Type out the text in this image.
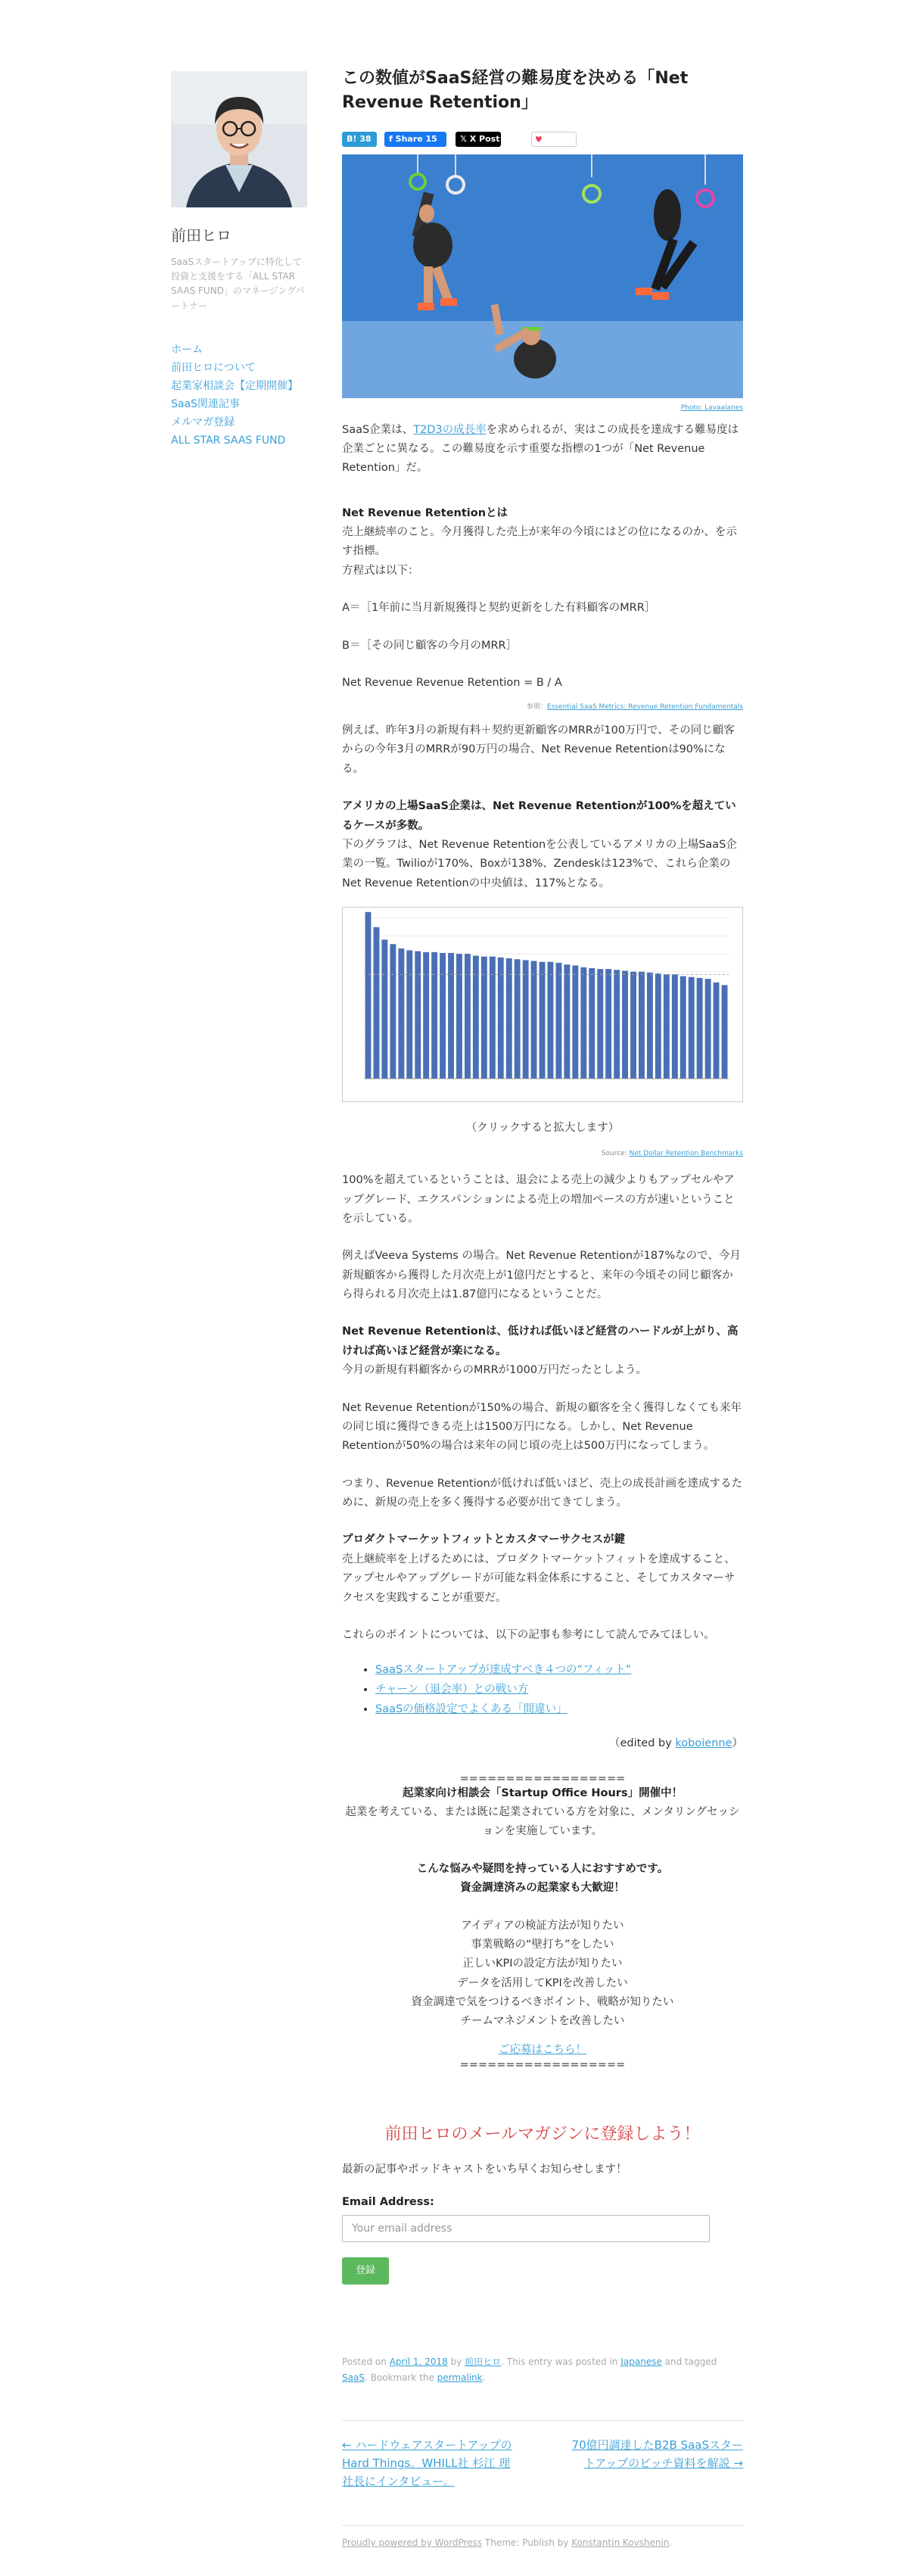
前田ヒロ
SaaSスタートアップに特化して投資と支援をする「ALL STAR SAAS FUND」のマネージングパートナー
ホーム
前田ヒロについて
起業家相談会【定期開催】
SaaS関連記事
メルマガ登録
ALL STAR SAAS FUND
この数値がSaaS経営の難易度を決める「Net Revenue Retention」
B! 38	f Share 15	𝕏 X Post	♥
Photo: Lavaalanes

SaaS企業は、T2D3の成長率を求められるが、実はこの成長を達成する難易度は企業ごとに異なる。この難易度を示す重要な指標の1つが「Net Revenue Retention」だ。

Net Revenue Retentionとは

売上継続率のこと。今月獲得した売上が来年の今頃にはどの位になるのか、を示す指標。

方程式は以下：

A＝［1年前に当月新規獲得と契約更新をした有料顧客のMRR］

B＝［その同じ顧客の今月のMRR］

Net Revenue Revenue Retention = B / A

参照：Essential SaaS Metrics: Revenue Retention Fundamentals

例えば、昨年3月の新規有料＋契約更新顧客のMRRが100万円で、その同じ顧客からの今年3月のMRRが90万円の場合、Net Revenue Retentionは90%になる。

アメリカの上場SaaS企業は、Net Revenue Retentionが100%を超えているケースが多数。

下のグラフは、Net Revenue Retentionを公表しているアメリカの上場SaaS企業の一覧。Twilioが170%、Boxが138%、Zendeskは123%で、これら企業のNet Revenue Retentionの中央値は、117%となる。

（クリックすると拡大します）

Source: Net Dollar Retention Benchmarks

100%を超えているということは、退会による売上の減少よりもアップセルやアップグレード、エクスパンションによる売上の増加ペースの方が速いということを示している。

例えばVeeva Systems の場合。Net Revenue Retentionが187%なので、今月新規顧客から獲得した月次売上が1億円だとすると、来年の今頃その同じ顧客から得られる月次売上は1.87億円になるということだ。

Net Revenue Retentionは、低ければ低いほど経営のハードルが上がり、高ければ高いほど経営が楽になる。

今月の新規有料顧客からのMRRが1000万円だったとしよう。

Net Revenue Retentionが150%の場合、新規の顧客を全く獲得しなくても来年の同じ頃に獲得できる売上は1500万円になる。しかし、Net Revenue Retentionが50%の場合は来年の同じ頃の売上は500万円になってしまう。

つまり、Revenue Retentionが低ければ低いほど、売上の成長計画を達成するために、新規の売上を多く獲得する必要が出てきてしまう。

プロダクトマーケットフィットとカスタマーサクセスが鍵

売上継続率を上げるためには、プロダクトマーケットフィットを達成すること、アップセルやアップグレードが可能な料金体系にすること、そしてカスタマーサクセスを実践することが重要だ。

これらのポイントについては、以下の記事も参考にして読んでみてほしい。

• SaaSスタートアップが達成すべき４つの“フィット”
• チャーン（退会率）との戦い方
• SaaSの価格設定でよくある「間違い」

（edited by koboienne）

==================

起業家向け相談会「Startup Office Hours」開催中！

起業を考えている、または既に起業されている方を対象に、メンタリングセッションを実施しています。

こんな悩みや疑問を持っている人におすすめです。

資金調達済みの起業家も大歓迎！

アイディアの検証方法が知りたい

事業戦略の“壁打ち”をしたい

正しいKPIの設定方法が知りたい

データを活用してKPIを改善したい

資金調達で気をつけるべきポイント、戦略が知りたい

チームマネジメントを改善したい

ご応募はこちら！

==================

前田ヒロのメールマガジンに登録しよう！

最新の記事やポッドキャストをいち早くお知らせします！

Email Address:

Your email address
登録
Posted on April 1, 2018 by 前田ヒロ. This entry was posted in Japanese and tagged SaaS. Bookmark the permalink.
← ハードウェアスタートアップのHard Things。WHILL社 杉江 理社長にインタビュー。
70億円調達したB2B SaaSスタートアップのピッチ資料を解説 →
Proudly powered by WordPress Theme: Publish by Konstantin Kovshenin.
